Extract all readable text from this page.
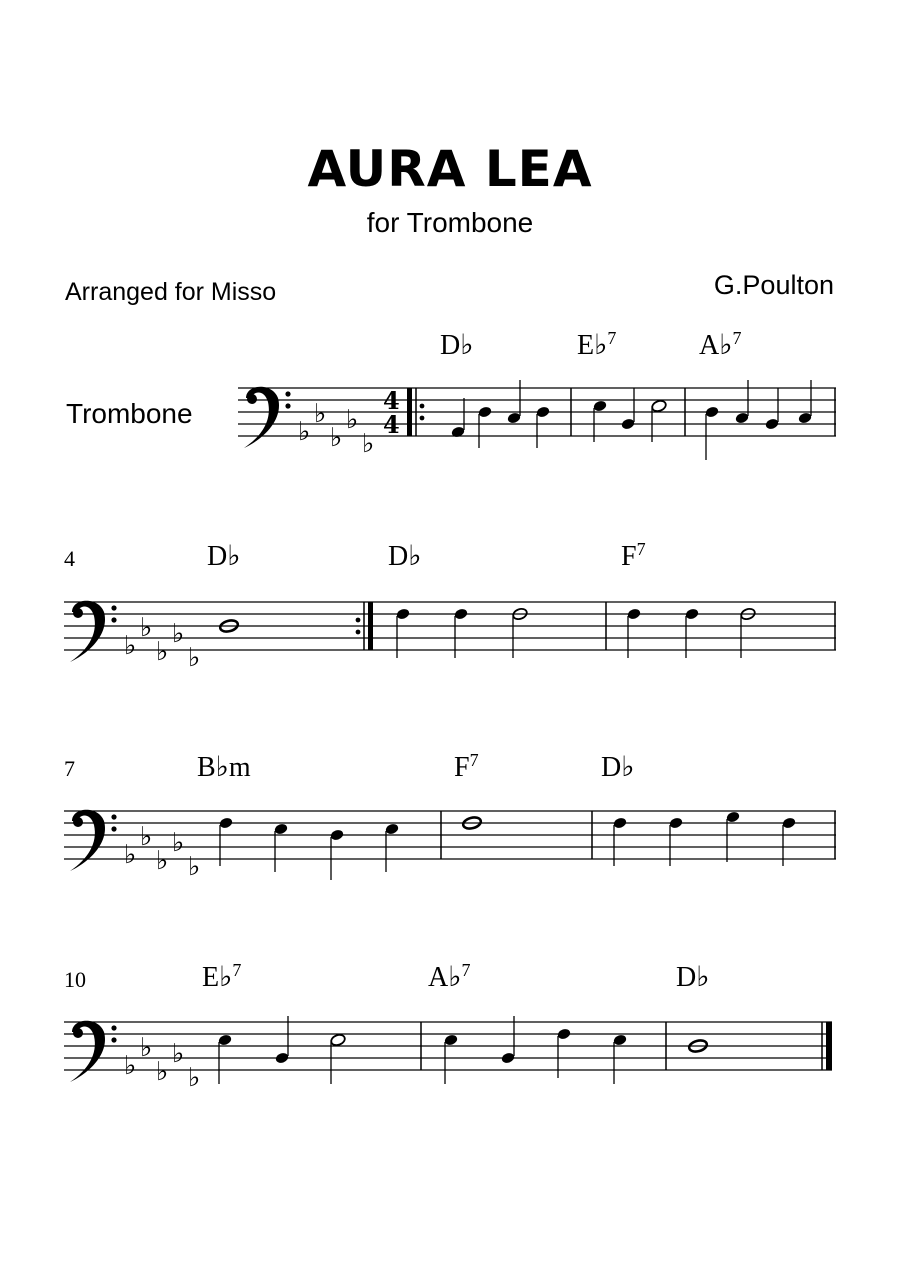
AURA LEA
for Trombone
Arranged for Misso	G.Poulton
Trombone
♭
♭
♭
♭
♭
4
4
D♭	E♭$^7$	A♭$^7$
4
♭
♭
♭
♭
♭
D♭	D♭	$F^7$
7
♭
♭
♭
♭
♭
B♭m	$F^7$	D♭
10
♭
♭
♭
♭
♭
E♭$^7$	A♭$^7$	D♭
